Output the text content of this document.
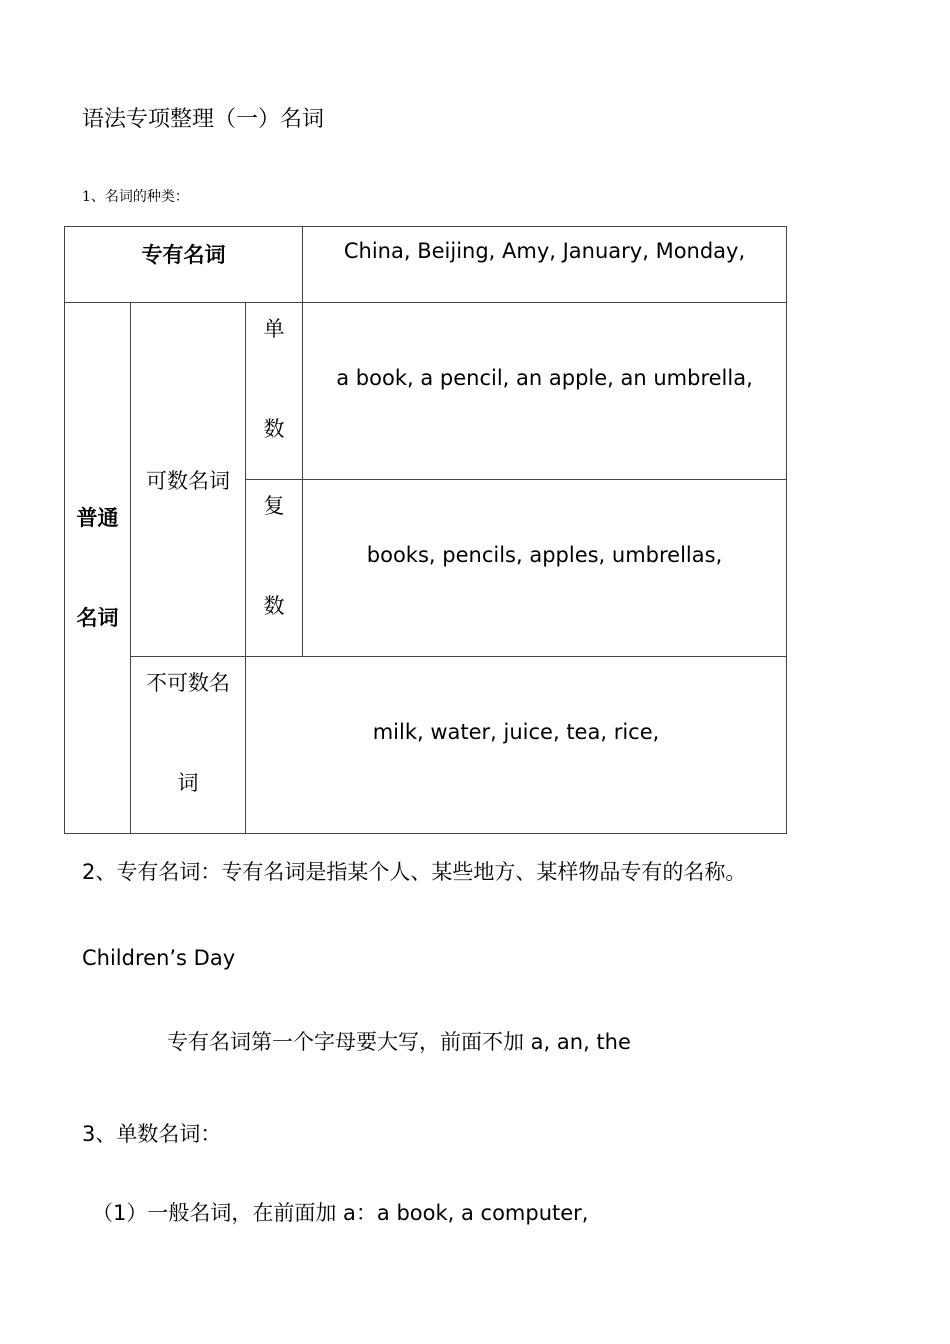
语法专项整理（一）名词
1、名词的种类：
专有名词			China, Beijing, Amy, January, Monday,

普通
名词	可数名词	单
数	a book, a pencil, an apple, an umbrella,

		复
数	books, pencils, apples, umbrellas,

	不可数名
词	milk, water, juice, tea, rice,	
2、专有名词：专有名词是指某个人、某些地方、某样物品专有的名称。
Children’s Day
专有名词第一个字母要大写，前面不加 a, an, the
3、单数名词：
（1）一般名词，在前面加 a：a book, a computer,
